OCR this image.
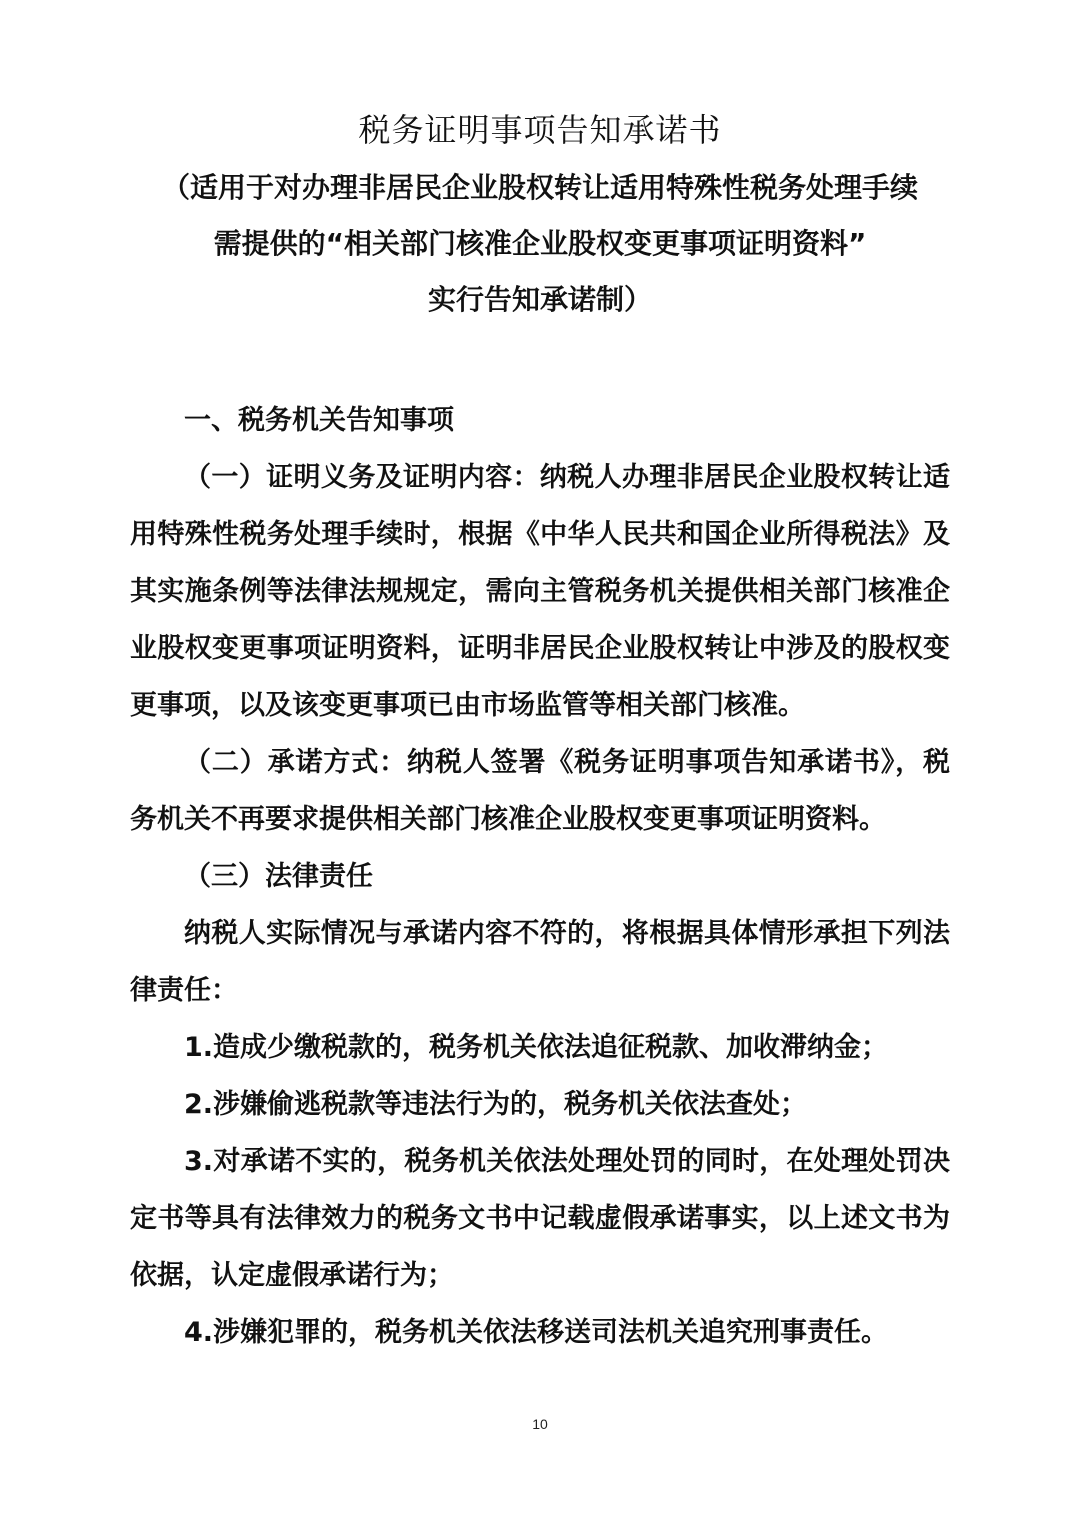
税务证明事项告知承诺书
（适用于对办理非居民企业股权转让适用特殊性税务处理手续
需提供的“相关部门核准企业股权变更事项证明资料”
实行告知承诺制）

一、税务机关告知事项

（一）证明义务及证明内容：纳税人办理非居民企业股权转让适用特殊性税务处理手续时，根据《中华人民共和国企业所得税法》及其实施条例等法律法规规定，需向主管税务机关提供相关部门核准企业股权变更事项证明资料，证明非居民企业股权转让中涉及的股权变更事项，以及该变更事项已由市场监管等相关部门核准。

（二）承诺方式：纳税人签署《税务证明事项告知承诺书》，税务机关不再要求提供相关部门核准企业股权变更事项证明资料。

（三）法律责任

纳税人实际情况与承诺内容不符的，将根据具体情形承担下列法律责任：

1.造成少缴税款的，税务机关依法追征税款、加收滞纳金；

2.涉嫌偷逃税款等违法行为的，税务机关依法查处；

3.对承诺不实的，税务机关依法处理处罚的同时，在处理处罚决定书等具有法律效力的税务文书中记载虚假承诺事实，以上述文书为依据，认定虚假承诺行为；

4.涉嫌犯罪的，税务机关依法移送司法机关追究刑事责任。

10
